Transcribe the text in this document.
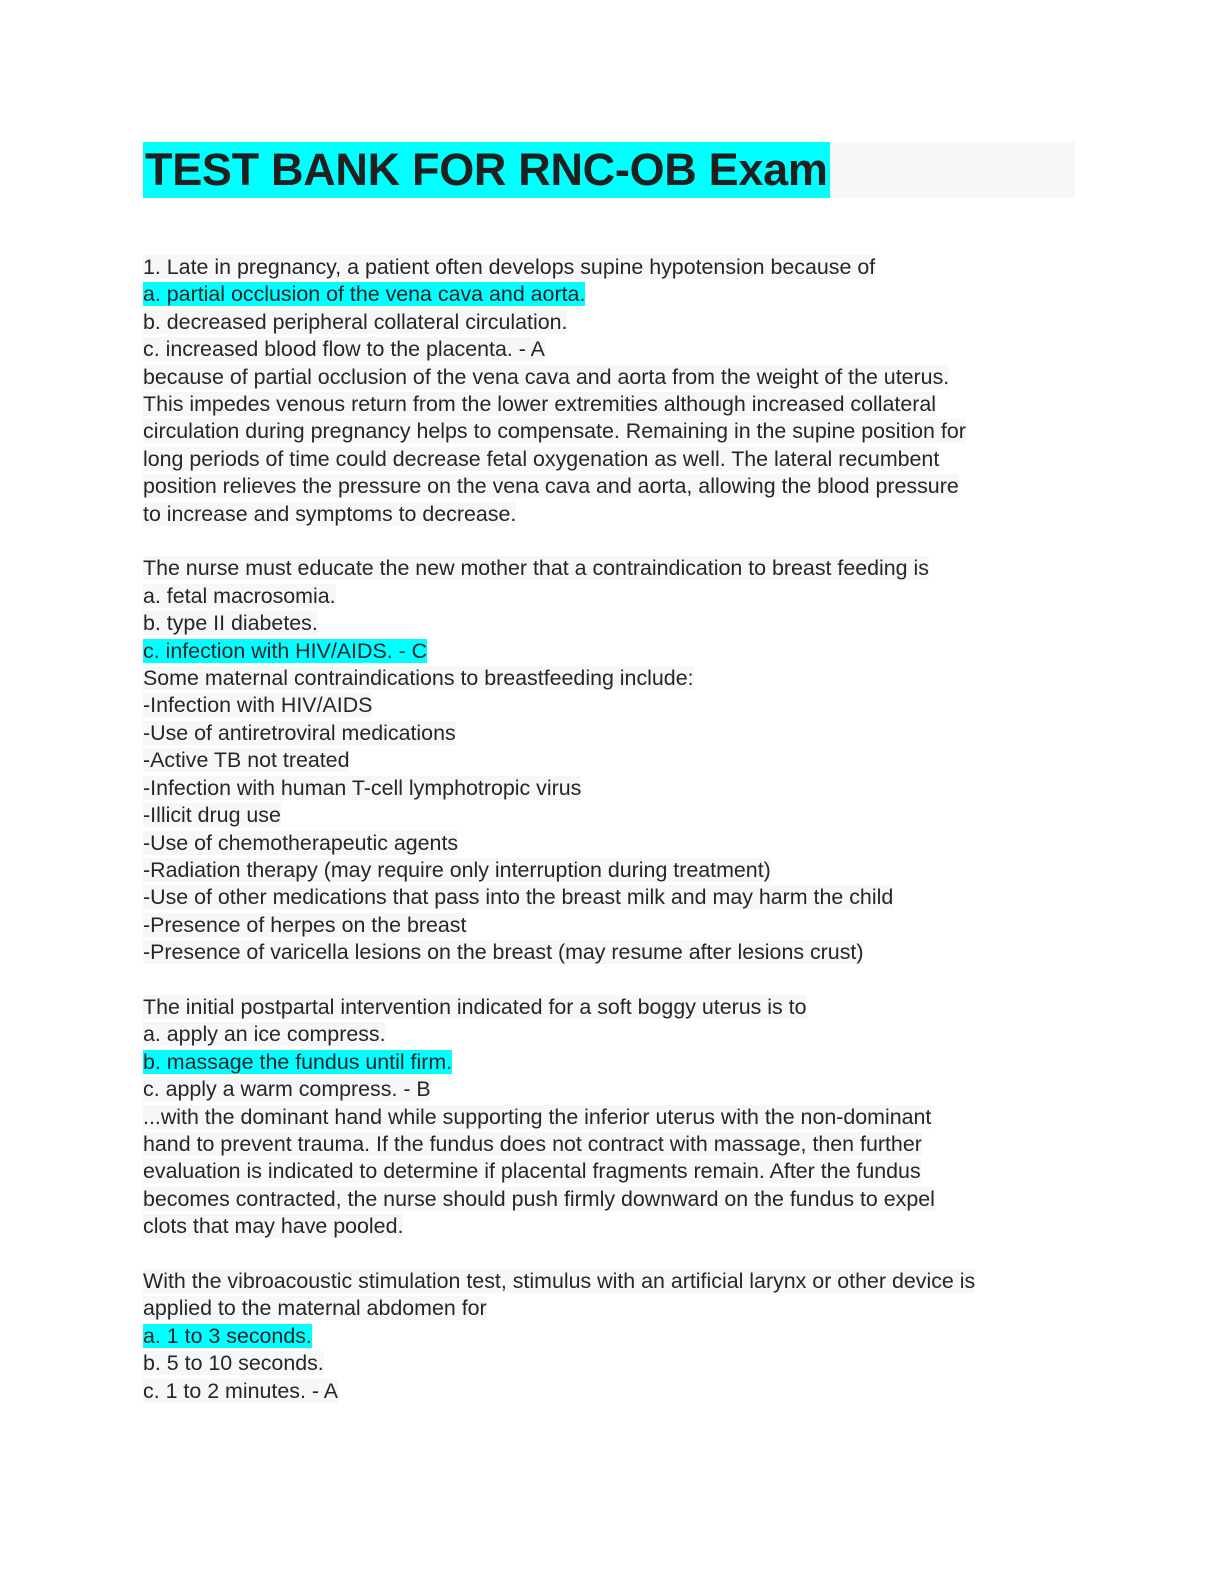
TEST BANK FOR RNC-OB Exam
1. Late in pregnancy, a patient often develops supine hypotension because of
a. partial occlusion of the vena cava and aorta.
b. decreased peripheral collateral circulation.
c. increased blood flow to the placenta. - A
because of partial occlusion of the vena cava and aorta from the weight of the uterus.
This impedes venous return from the lower extremities although increased collateral
circulation during pregnancy helps to compensate. Remaining in the supine position for
long periods of time could decrease fetal oxygenation as well. The lateral recumbent
position relieves the pressure on the vena cava and aorta, allowing the blood pressure
to increase and symptoms to decrease.
The nurse must educate the new mother that a contraindication to breast feeding is
a. fetal macrosomia.
b. type II diabetes.
c. infection with HIV/AIDS. - C
Some maternal contraindications to breastfeeding include:
-Infection with HIV/AIDS
-Use of antiretroviral medications
-Active TB not treated
-Infection with human T-cell lymphotropic virus
-Illicit drug use
-Use of chemotherapeutic agents
-Radiation therapy (may require only interruption during treatment)
-Use of other medications that pass into the breast milk and may harm the child
-Presence of herpes on the breast
-Presence of varicella lesions on the breast (may resume after lesions crust)
The initial postpartal intervention indicated for a soft boggy uterus is to
a. apply an ice compress.
b. massage the fundus until firm.
c. apply a warm compress. - B
...with the dominant hand while supporting the inferior uterus with the non-dominant
hand to prevent trauma. If the fundus does not contract with massage, then further
evaluation is indicated to determine if placental fragments remain. After the fundus
becomes contracted, the nurse should push firmly downward on the fundus to expel
clots that may have pooled.
With the vibroacoustic stimulation test, stimulus with an artificial larynx or other device is
applied to the maternal abdomen for
a. 1 to 3 seconds.
b. 5 to 10 seconds.
c. 1 to 2 minutes. - A
